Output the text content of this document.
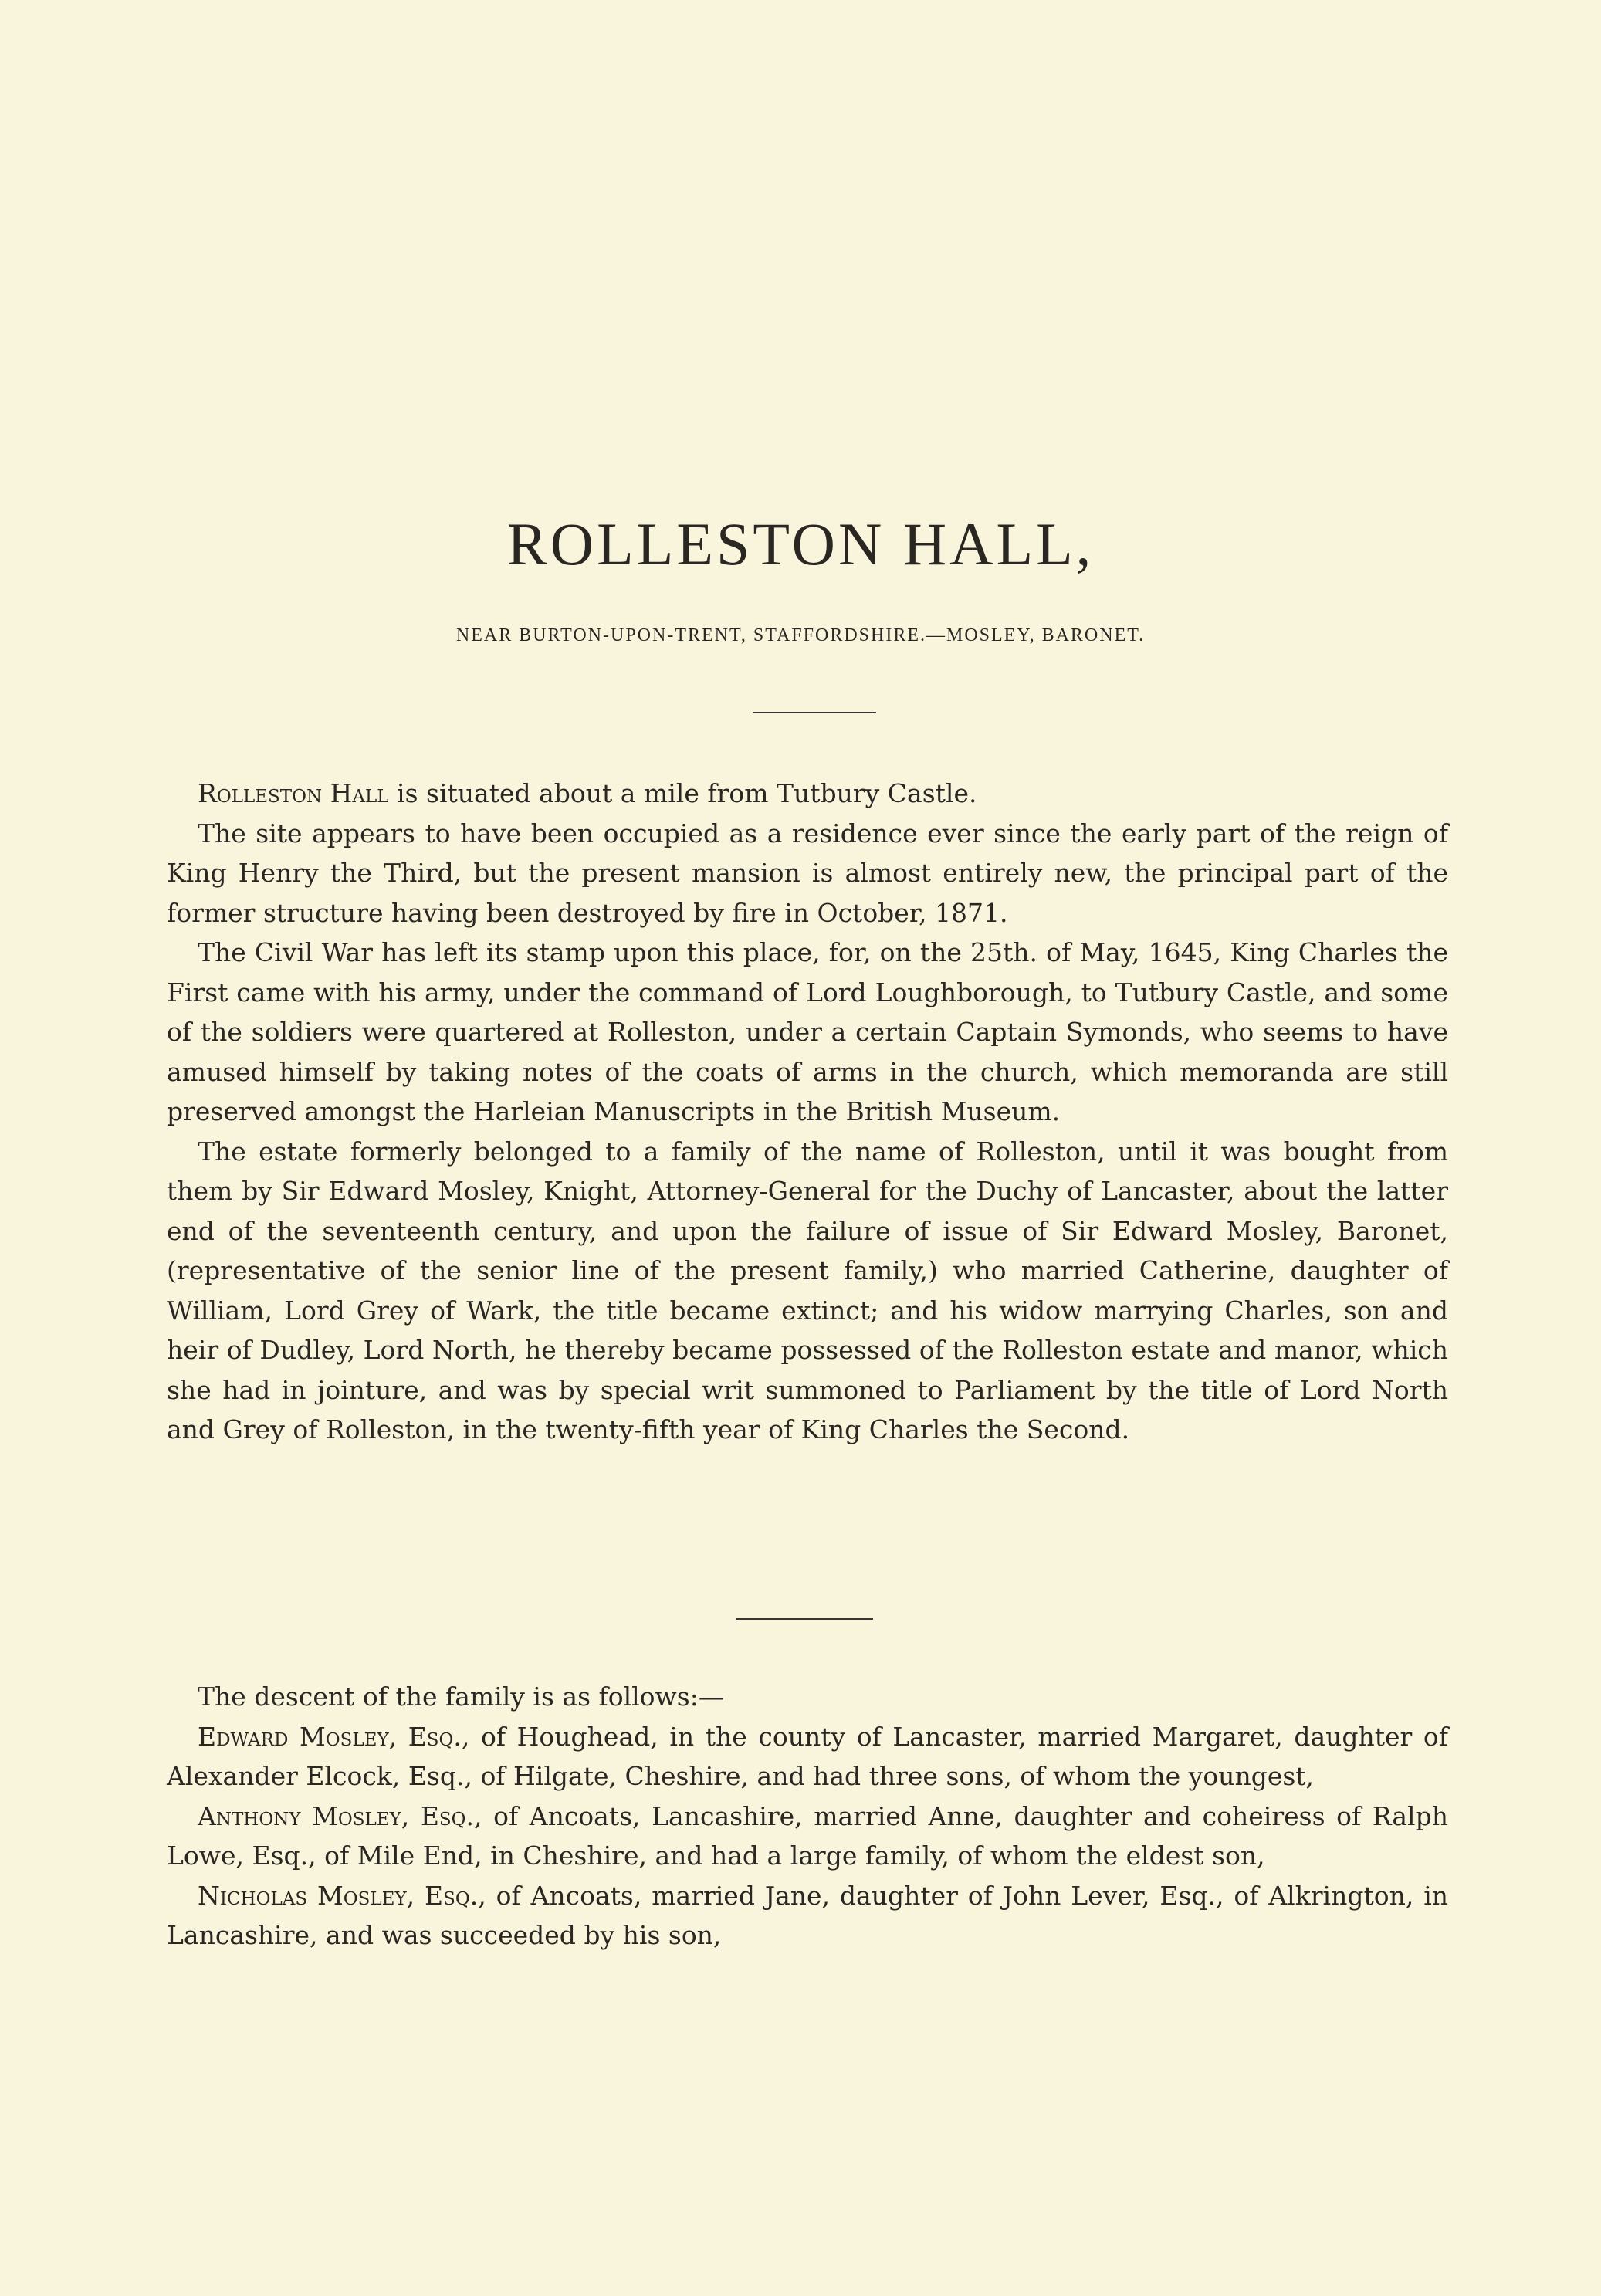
ROLLESTON HALL,
NEAR BURTON-UPON-TRENT, STAFFORDSHIRE.—MOSLEY, BARONET.

Rolleston Hall is situated about a mile from Tutbury Castle.

The site appears to have been occupied as a residence ever since the early part of the reign of King Henry the Third, but the present mansion is almost entirely new, the principal part of the former structure having been destroyed by fire in October, 1871.

The Civil War has left its stamp upon this place, for, on the 25th. of May, 1645, King Charles the First came with his army, under the command of Lord Loughborough, to Tutbury Castle, and some of the soldiers were quartered at Rolleston, under a certain Captain Symonds, who seems to have amused himself by taking notes of the coats of arms in the church, which memoranda are still preserved amongst the Harleian Manuscripts in the British Museum.

The estate formerly belonged to a family of the name of Rolleston, until it was bought from them by Sir Edward Mosley, Knight, Attorney-General for the Duchy of Lancaster, about the latter end of the seventeenth century, and upon the failure of issue of Sir Edward Mosley, Baronet, (representative of the senior line of the present family,) who married Catherine, daughter of William, Lord Grey of Wark, the title became extinct; and his widow marrying Charles, son and heir of Dudley, Lord North, he thereby became possessed of the Rolleston estate and manor, which she had in jointure, and was by special writ summoned to Parliament by the title of Lord North and Grey of Rolleston, in the twenty-fifth year of King Charles the Second.

The descent of the family is as follows:—

Edward Mosley, Esq., of Houghead, in the county of Lancaster, married Margaret, daughter of Alexander Elcock, Esq., of Hilgate, Cheshire, and had three sons, of whom the youngest,

Anthony Mosley, Esq., of Ancoats, Lancashire, married Anne, daughter and coheiress of Ralph Lowe, Esq., of Mile End, in Cheshire, and had a large family, of whom the eldest son,

Nicholas Mosley, Esq., of Ancoats, married Jane, daughter of John Lever, Esq., of Alkrington, in Lancashire, and was succeeded by his son,
